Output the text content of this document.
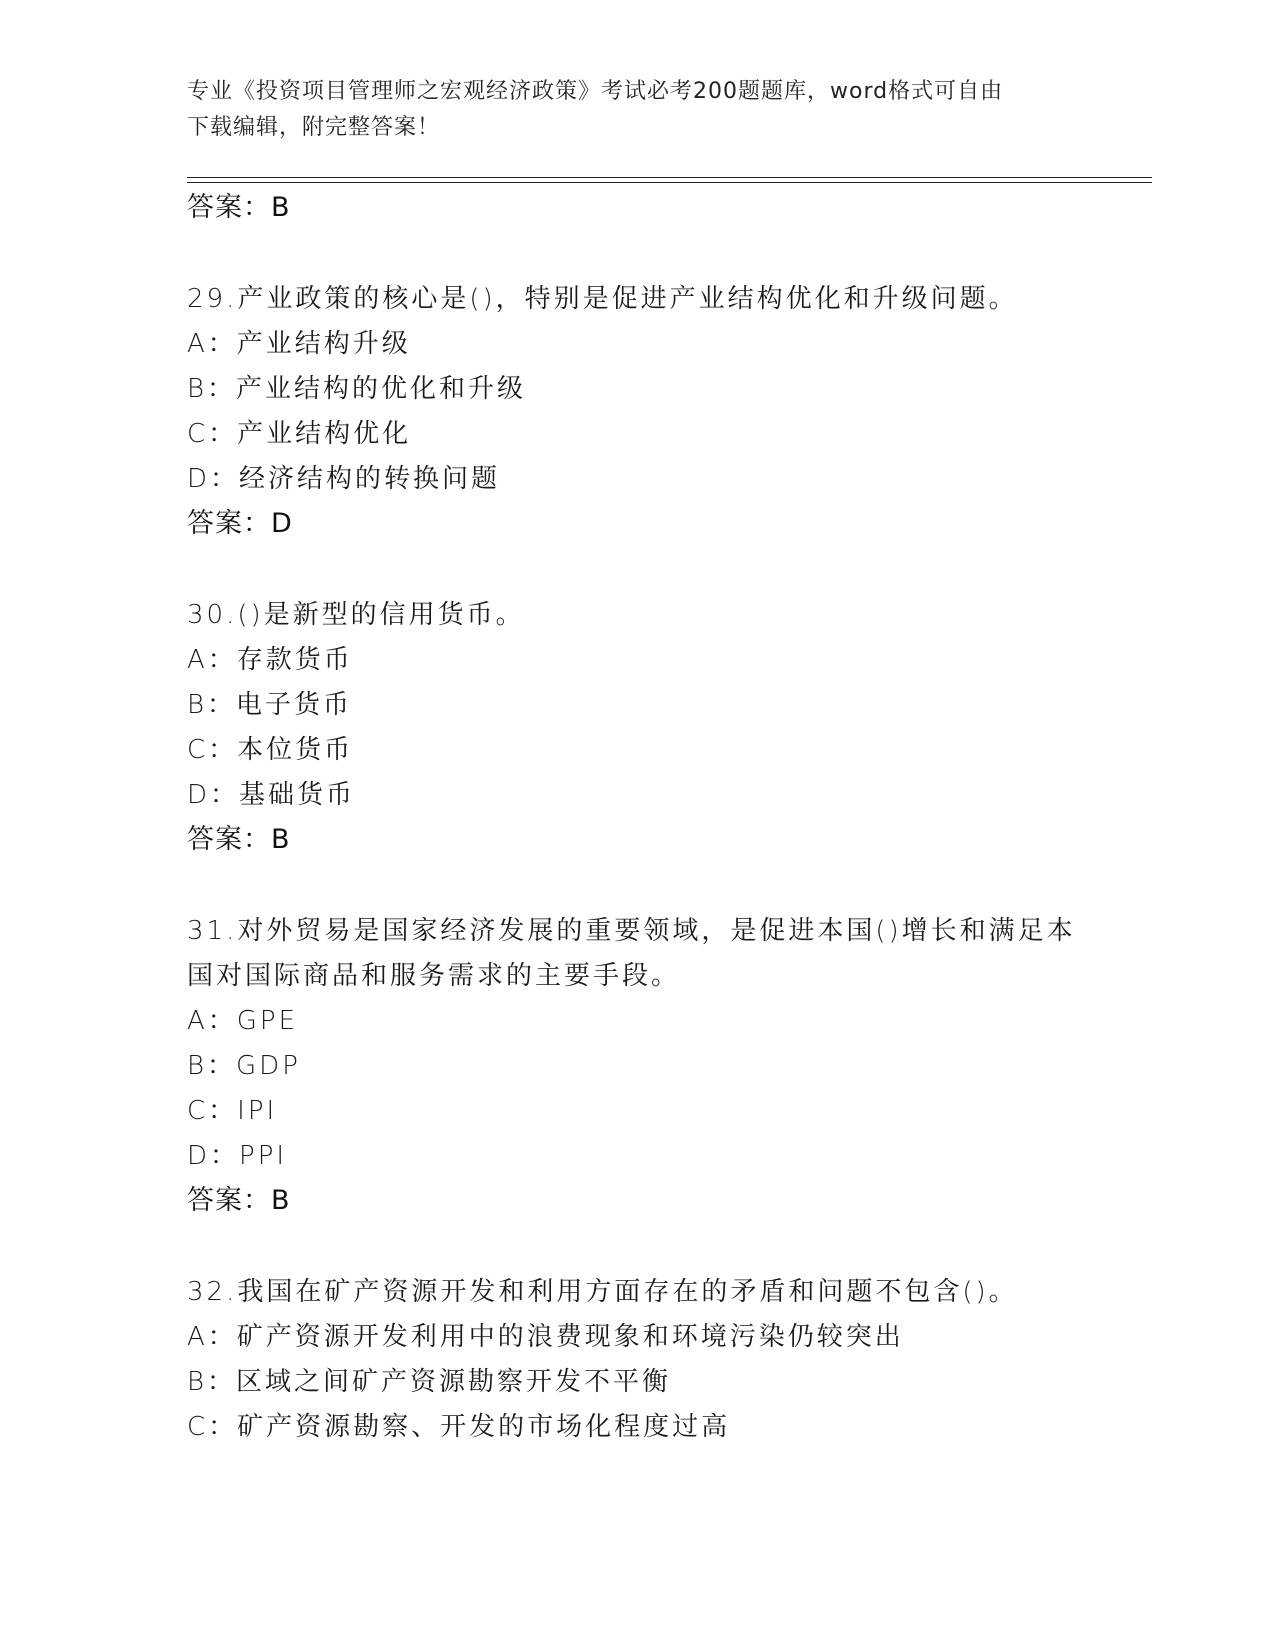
专业《投资项目管理师之宏观经济政策》考试必考200题题库，word格式可自由
下载编辑，附完整答案！
答案：B
29.产业政策的核心是()，特别是促进产业结构优化和升级问题。
A：产业结构升级
B：产业结构的优化和升级
C：产业结构优化
D：经济结构的转换问题
答案：D
30.()是新型的信用货币。
A：存款货币
B：电子货币
C：本位货币
D：基础货币
答案：B
31.对外贸易是国家经济发展的重要领域，是促进本国()增长和满足本
国对国际商品和服务需求的主要手段。
A：GPE
B：GDP
C：IPI
D：PPI
答案：B
32.我国在矿产资源开发和利用方面存在的矛盾和问题不包含()。
A：矿产资源开发利用中的浪费现象和环境污染仍较突出
B：区域之间矿产资源勘察开发不平衡
C：矿产资源勘察、开发的市场化程度过高
